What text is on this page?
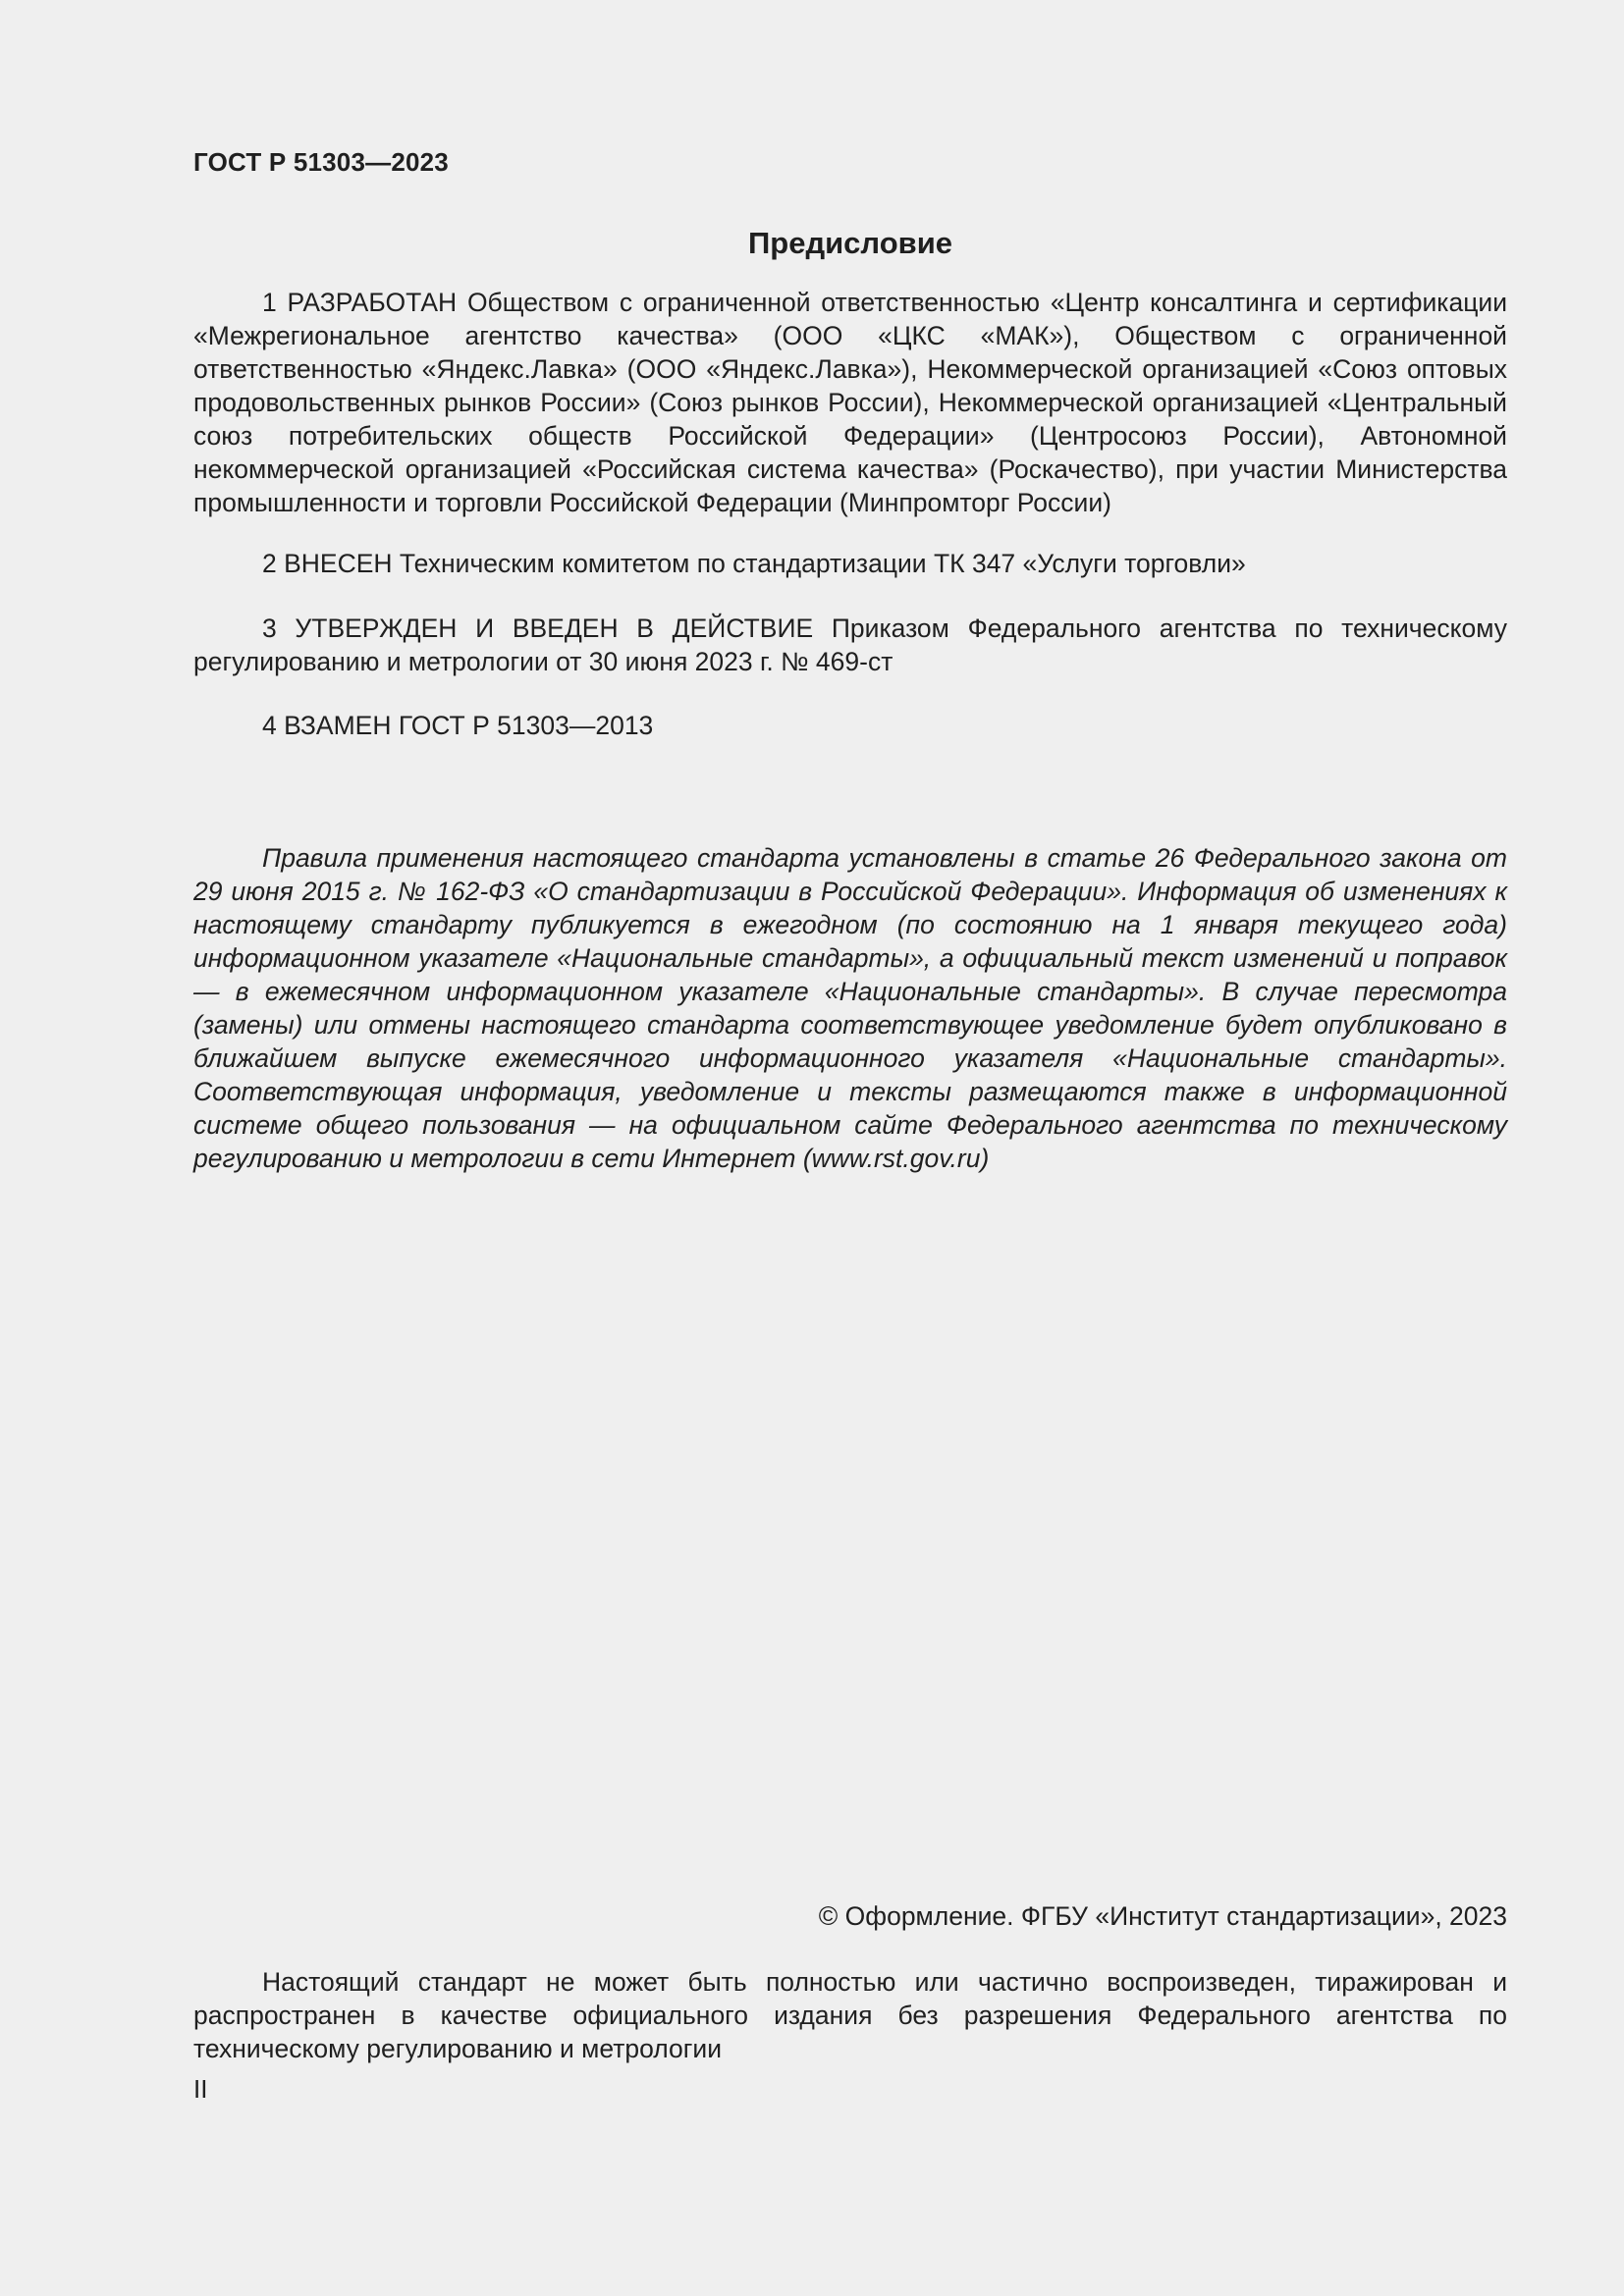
ГОСТ Р 51303—2023
Предисловие

1 РАЗРАБОТАН Обществом с ограниченной ответственностью «Центр консалтинга и сертификации «Межрегиональное агентство качества» (ООО «ЦКС «МАК»), Обществом с ограниченной ответственностью «Яндекс.Лавка» (ООО «Яндекс.Лавка»), Некоммерческой организацией «Союз оптовых продовольственных рынков России» (Союз рынков России), Некоммерческой организацией «Центральный союз потребительских обществ Российской Федерации» (Центросоюз России), Автономной некоммерческой организацией «Российская система качества» (Роскачество), при участии Министерства промышленности и торговли Российской Федерации (Минпромторг России)

2 ВНЕСЕН Техническим комитетом по стандартизации ТК 347 «Услуги торговли»

3 УТВЕРЖДЕН И ВВЕДЕН В ДЕЙСТВИЕ Приказом Федерального агентства по техническому регулированию и метрологии от 30 июня 2023 г. № 469-ст

4 ВЗАМЕН ГОСТ Р 51303—2013

Правила применения настоящего стандарта установлены в статье 26 Федерального закона от 29 июня 2015 г. № 162-ФЗ «О стандартизации в Российской Федерации». Информация об изменениях к настоящему стандарту публикуется в ежегодном (по состоянию на 1 января текущего года) информационном указателе «Национальные стандарты», а официальный текст изменений и поправок — в ежемесячном информационном указателе «Национальные стандарты». В случае пересмотра (замены) или отмены настоящего стандарта соответствующее уведомление будет опубликовано в ближайшем выпуске ежемесячного информационного указателя «Национальные стандарты». Соответствующая информация, уведомление и тексты размещаются также в информационной системе общего пользования — на официальном сайте Федерального агентства по техническому регулированию и метрологии в сети Интернет (www.rst.gov.ru)

© Оформление. ФГБУ «Институт стандартизации», 2023

Настоящий стандарт не может быть полностью или частично воспроизведен, тиражирован и распространен в качестве официального издания без разрешения Федерального агентства по техническому регулированию и метрологии

II
